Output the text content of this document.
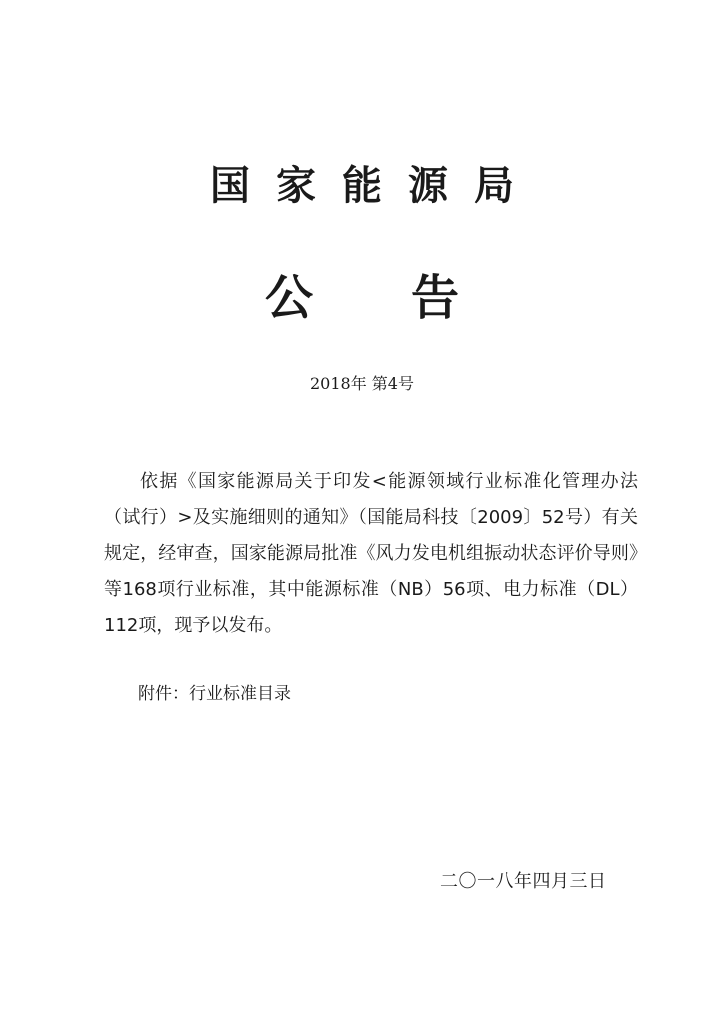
国家能源局
公告
2018年 第4号

依据《国家能源局关于印发<能源领域行业标准化管理办法（试行）>及实施细则的通知》（国能局科技〔2009〕52号）有关规定，经审查，国家能源局批准《风力发电机组振动状态评价导则》等168项行业标准，其中能源标准（NB）56项、电力标准（DL）112项，现予以发布。

附件：行业标准目录
二〇一八年四月三日
